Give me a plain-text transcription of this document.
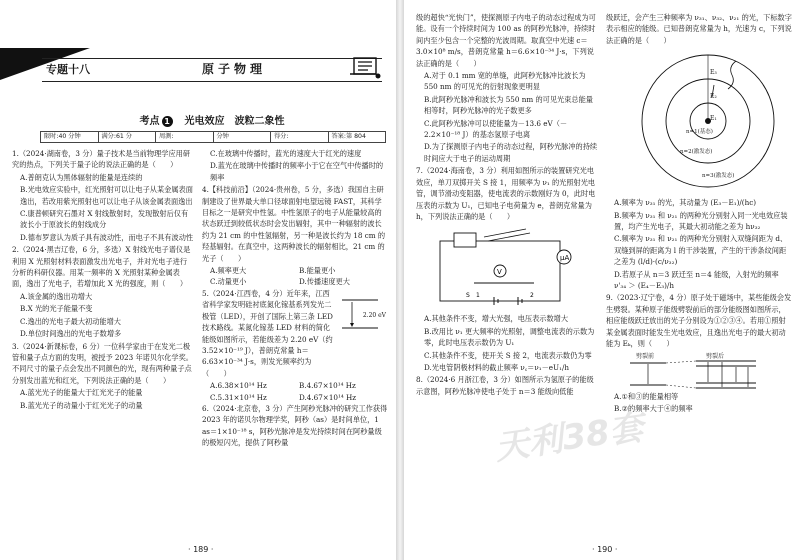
专题十八	原子物理
考点 1　 光电效应　波粒二象性
限时:40 分钟	满分:61 分	周测:	分钟	得分:	答案:第 804

1.（2024·湖南卷，3 分）量子技术是当前物理学应用研究的热点，下列关于量子论的说法正确的是（　　）

A.普朗克认为黑体辐射的能量是连续的

B.光电效应实验中，红光照射可以让电子从某金属表面逸出，若改用紫光照射也可以让电子从该金属表面逸出

C.康普顿研究石墨对 X 射线散射时，发现散射后仅有波长小于原波长的射线成分

D.德布罗意认为质子具有波动性，而电子不具有波动性

2.（2024·黑吉辽卷，6 分，多选）X 射线光电子谱仪是利用 X 光照射材料表面激发出光电子，并对光电子进行分析的科研仪器。用某一频率的 X 光照射某种金属表面，逸出了光电子，若增加此 X 光的强度，则（　　）

A.该金属的逸出功增大

B.X 光的光子能量不变

C.逸出的光电子最大初动能增大

D.单位时间逸出的光电子数增多

3.（2024·新课标卷，6 分）一位科学家由于在发光二极管和量子点方面的发明，被授予 2023 年诺贝尔化学奖。不同尺寸的量子点会发出不同颜色的光，现有两种量子点分别发出蓝光和红光，下列说法正确的是（　　）

A.蓝光光子的能量大于红光光子的能量

B.蓝光光子的动量小于红光光子的动量

C.在玻璃中传播时，蓝光的速度大于红光的速度

D.蓝光在玻璃中传播时的频率小于它在空气中传播时的频率

4.【科技前沿】（2024·贵州卷，5 分，多选）我国自主研制建设了世界最大单口径球面射电望远镜 FAST，其科学目标之一是研究中性氢。中性氢原子的电子从能量较高的状态跃迁到较低状态时会发出辐射，其中一种辐射的波长约为 21 cm 的中性氢辐射，另一种是波长约为 18 cm 的羟基辐射。在真空中，这两种波长的辐射相比，21 cm 的光子（　　）

A.频率更大	B.能量更小
C.动量更小	D.传播速度更大

5.（2024·江西卷，4 分）近年来，江西省科学家发明硅衬底氮化镓基系列发光二极管（LED），开创了国际上第三条 LED 技术路线。某氮化镓基 LED 材料的简化能级如图所示，若能级差为 2.20 eV（约 3.52×10⁻¹⁹ J），普朗克常量 h＝6.63×10⁻³⁴ J·s，则发光频率约为（　　）

2.20 eV
A.6.38×10¹⁴ Hz	B.4.67×10¹⁴ Hz
C.5.31×10¹⁴ Hz	D.4.67×10¹⁴ Hz

6.（2024·北京卷，3 分）产生阿秒光脉冲的研究工作获得 2023 年的诺贝尔物理学奖，阿秒（as）是时间单位，1 as＝1×10⁻¹⁸ s，阿秒光脉冲是发光持续时间在阿秒量级的极短闪光，提供了阿秒量

· 189 ·

级的超快“光快门”，使探测原子内电子的动态过程成为可能。设有一个持续时间为 100 as 的阿秒光脉冲，持续时间内至少包含一个完整的光波周期。取真空中光速 c＝3.0×10⁸ m/s，普朗克常量 h＝6.6×10⁻³⁴ J·s，下列说法正确的是（　　）

A.对于 0.1 mm 宽的单缝，此阿秒光脉冲比波长为 550 nm 的可见光的衍射现象更明显

B.此阿秒光脉冲和波长为 550 nm 的可见光束总能量相等时，阿秒光脉冲的光子数更多

C.此阿秒光脉冲可以使能量为－13.6 eV（－2.2×10⁻¹⁸ J）的基态氢原子电离

D.为了探测原子内电子的动态过程，阿秒光脉冲的持续时间应大于电子的运动周期

7.（2024·海南卷，3 分）利用如图所示的装置研究光电效应，单刀双掷开关 S 接 1，用频率为 ν₁ 的光照射光电管，调节滑动变阻器，使电流表的示数刚好为 0，此时电压表的示数为 U₁，已知电子电荷量为 e，普朗克常量为 h，下列说法正确的是（　　）

μA
V
S 1	2

A.其他条件不变，增大光强，电压表示数增大

B.改用比 ν₁ 更大频率的光照射，调整电流表的示数为零，此时电压表示数仍为 U₁

C.其他条件不变，使开关 S 接 2，电流表示数仍为零

D.光电管阴极材料的截止频率 ν꜀＝ν₁－eU₁/h

8.（2024·6 月浙江卷，3 分）如图所示为氢原子的能级示意图，阿秒光脉冲使电子处于 n＝3 能级向低能

级跃迁，会产生三种频率为 ν₃₁、ν₃₂、ν₂₁ 的光，下标数字表示相应的能级。已知普朗克常量为 h，光速为 c，下列说法正确的是（　　）

E₃
E₂
E₁
n=1(基态)
n=2(激发态)
n=3(激发态)

A.频率为 ν₃₁ 的光，其动量为 (E₃－E₁)/(hc)

B.频率为 ν₃₁ 和 ν₂₁ 的两种光分别射入同一光电效应装置，均产生光电子，其最大初动能之差为 hν₃₂

C.频率为 ν₃₁ 和 ν₂₁ 的两种光分别射入双缝间距为 d、双缝到屏的距离为 l 的干涉装置，产生的干涉条纹间距之差为 (l/d)·(c/ν₃₂)

D.若原子从 n＝3 跃迁至 n＝4 能级，入射光的频率 ν'₃₄ ＞ (E₄－E₃)/h

9.（2023·辽宁卷，4 分）原子处于磁场中，某些能级会发生劈裂。某种原子能级劈裂前后的部分能级图如图所示，相应能级跃迁放出的光子分别设为①②③④。若用①照射某金属表面时能发生光电效应，且逸出光电子的最大初动能为 Eₖ，则（　　）

劈裂前	劈裂后

A.①和③的能量相等

B.②的频率大于④的频率

天利38套
· 190 ·
